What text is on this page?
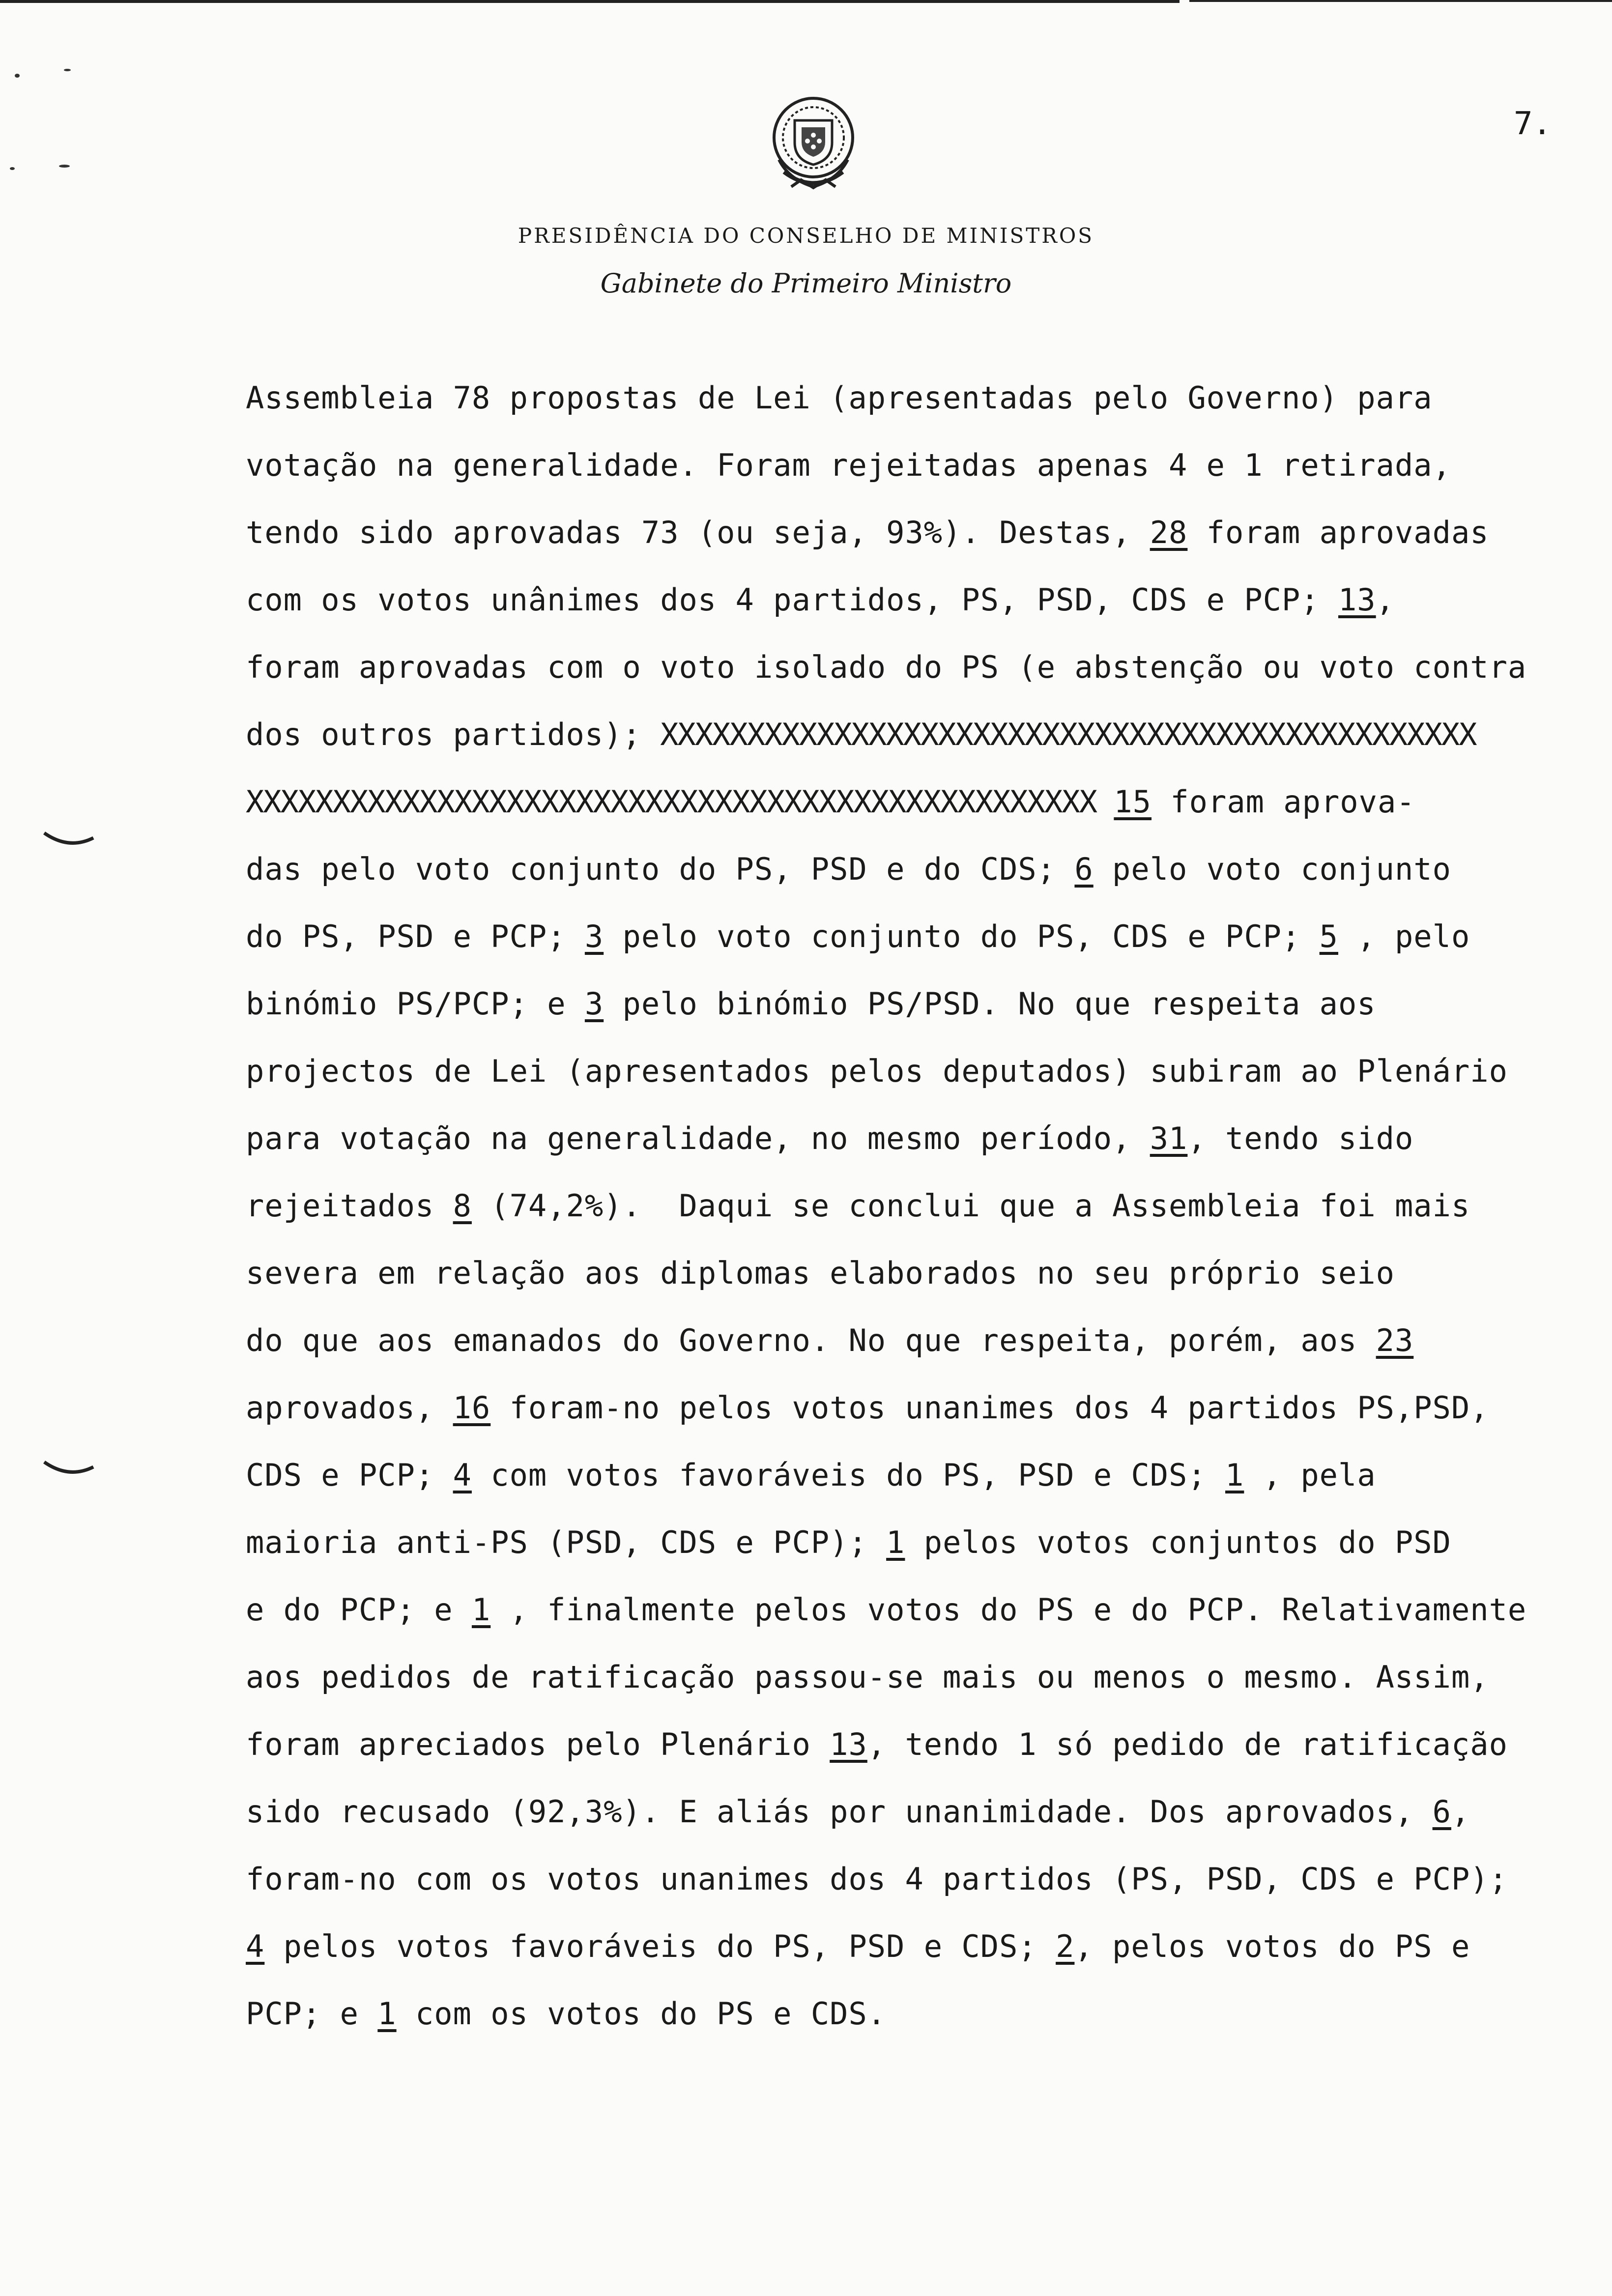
7.
PRESIDÊNCIA DO CONSELHO DE MINISTROS
Gabinete do Primeiro Ministro
Assembleia 78 propostas de Lei (apresentadas pelo Governo) para
votação na generalidade. Foram rejeitadas apenas 4 e 1 retirada,
tendo sido aprovadas 73 (ou seja, 93%). Destas, 28 foram aprovadas
com os votos unânimes dos 4 partidos, PS, PSD, CDS e PCP; 13,
foram aprovadas com o voto isolado do PS (e abstenção ou voto contra
dos outros partidos); XXXXXXXXXXXXXXXXXXXXXXXXXXXXXXXXXXXXXXXXXXXXXXX
XXXXXXXXXXXXXXXXXXXXXXXXXXXXXXXXXXXXXXXXXXXXXXXXX 15 foram aprova-
das pelo voto conjunto do PS, PSD e do CDS; 6 pelo voto conjunto
do PS, PSD e PCP; 3 pelo voto conjunto do PS, CDS e PCP; 5 , pelo
binómio PS/PCP; e 3 pelo binómio PS/PSD. No que respeita aos
projectos de Lei (apresentados pelos deputados) subiram ao Plenário
para votação na generalidade, no mesmo período, 31, tendo sido
rejeitados 8 (74,2%).  Daqui se conclui que a Assembleia foi mais
severa em relação aos diplomas elaborados no seu próprio seio
do que aos emanados do Governo. No que respeita, porém, aos 23
aprovados, 16 foram-no pelos votos unanimes dos 4 partidos PS,PSD,
CDS e PCP; 4 com votos favoráveis do PS, PSD e CDS; 1 , pela
maioria anti-PS (PSD, CDS e PCP); 1 pelos votos conjuntos do PSD
e do PCP; e 1 , finalmente pelos votos do PS e do PCP. Relativamente
aos pedidos de ratificação passou-se mais ou menos o mesmo. Assim,
foram apreciados pelo Plenário 13, tendo 1 só pedido de ratificação
sido recusado (92,3%). E aliás por unanimidade. Dos aprovados, 6,
foram-no com os votos unanimes dos 4 partidos (PS, PSD, CDS e PCP);
4 pelos votos favoráveis do PS, PSD e CDS; 2, pelos votos do PS e
PCP; e 1 com os votos do PS e CDS.
